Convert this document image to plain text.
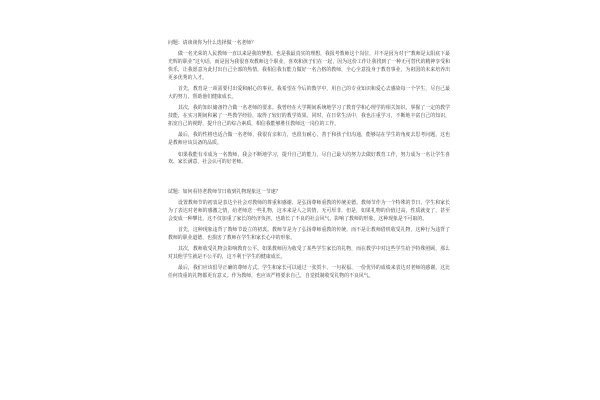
问题：请谈谈你为什么选择做一名老师？
做一名光荣的人民教师一直以来是我的梦想，也是我最真实的理想，我报考教师这个岗位，并不是因为对于“教师是太阳底下最光辉的职业”这句话，而是因为我很喜欢教师这个职业，喜欢和孩子们在一起，因为这份工作让我找到了一种无可替代的精神享受和快乐，让我愿意为此付出自己全部的热情，我相信我有能力做好一名合格的教师，全心全意投身于教育事业，为祖国的未来培养出更多优秀的人才。
首先，教育是一项需要付出爱和耐心的事业。我希望在今后的教学中，用自己的专业知识和爱心去感染每一个学生，尽自己最大的努力，帮助他们健康成长。
其次，我的知识储备符合做一名老师的要求。我曾经在大学期间系统地学习了教育学和心理学的相关知识，掌握了一定的教学技能，在实习期间积累了一些教学经验，取得了较好的教学效果。同时，在日常生活中，我也注重学习，不断地丰富自己的知识，拓宽自己的视野，提升自己的综合素质，相信我能够胜任教师这一岗位的工作。
最后，我的性格也适合做一名老师，我很有亲和力，也很有耐心，善于和孩子们沟通，能够站在学生的角度去思考问题，这也是教师应该具备的品质。
如果我能有幸成为一名教师，我会不断地学习，提升自己的能力，尽自己最大的努力去做好教育工作，努力成为一名让学生喜欢、家长满意、社会认可的好老师。
试题：如何看待老教师节日收到礼物现象这一节速？
设置教师节的初衷是表达全社会对教师的尊重和感谢，是弘扬尊师重教的传统美德。教师节作为一个特殊的节日，学生和家长为了表达对老师的感激之情，给老师送一些礼物，这本来是人之常情，无可厚非，但是，如果礼物的价值过高，性质就变了，甚至会变成一种攀比，这不仅加重了家长的经济负担，也助长了不良的社会风气，影响了教师的形象，这种现象是不可取的。
首先，这种现象违背了教师节设立的初衷。教师节是为了弘扬尊师重教的传统，而不是让教师借机收受礼物，这种行为违背了教师的职业道德，也损害了教师在学生和家长心中的形象。
其次，教师收受礼物会影响教育公平。如果教师因为收受了某些学生家长的礼物，而在教学中对这些学生给予特殊照顾，那么对其他学生就是不公平的，这不利于学生的健康成长。
最后，我们应该倡导正确的尊师方式。学生和家长可以通过一张贺卡、一句祝福、一份优异的成绩来表达对老师的感谢，这比任何贵重的礼物都更有意义。作为教师，也应该严格要求自己，自觉抵制收受礼物的不良风气。
